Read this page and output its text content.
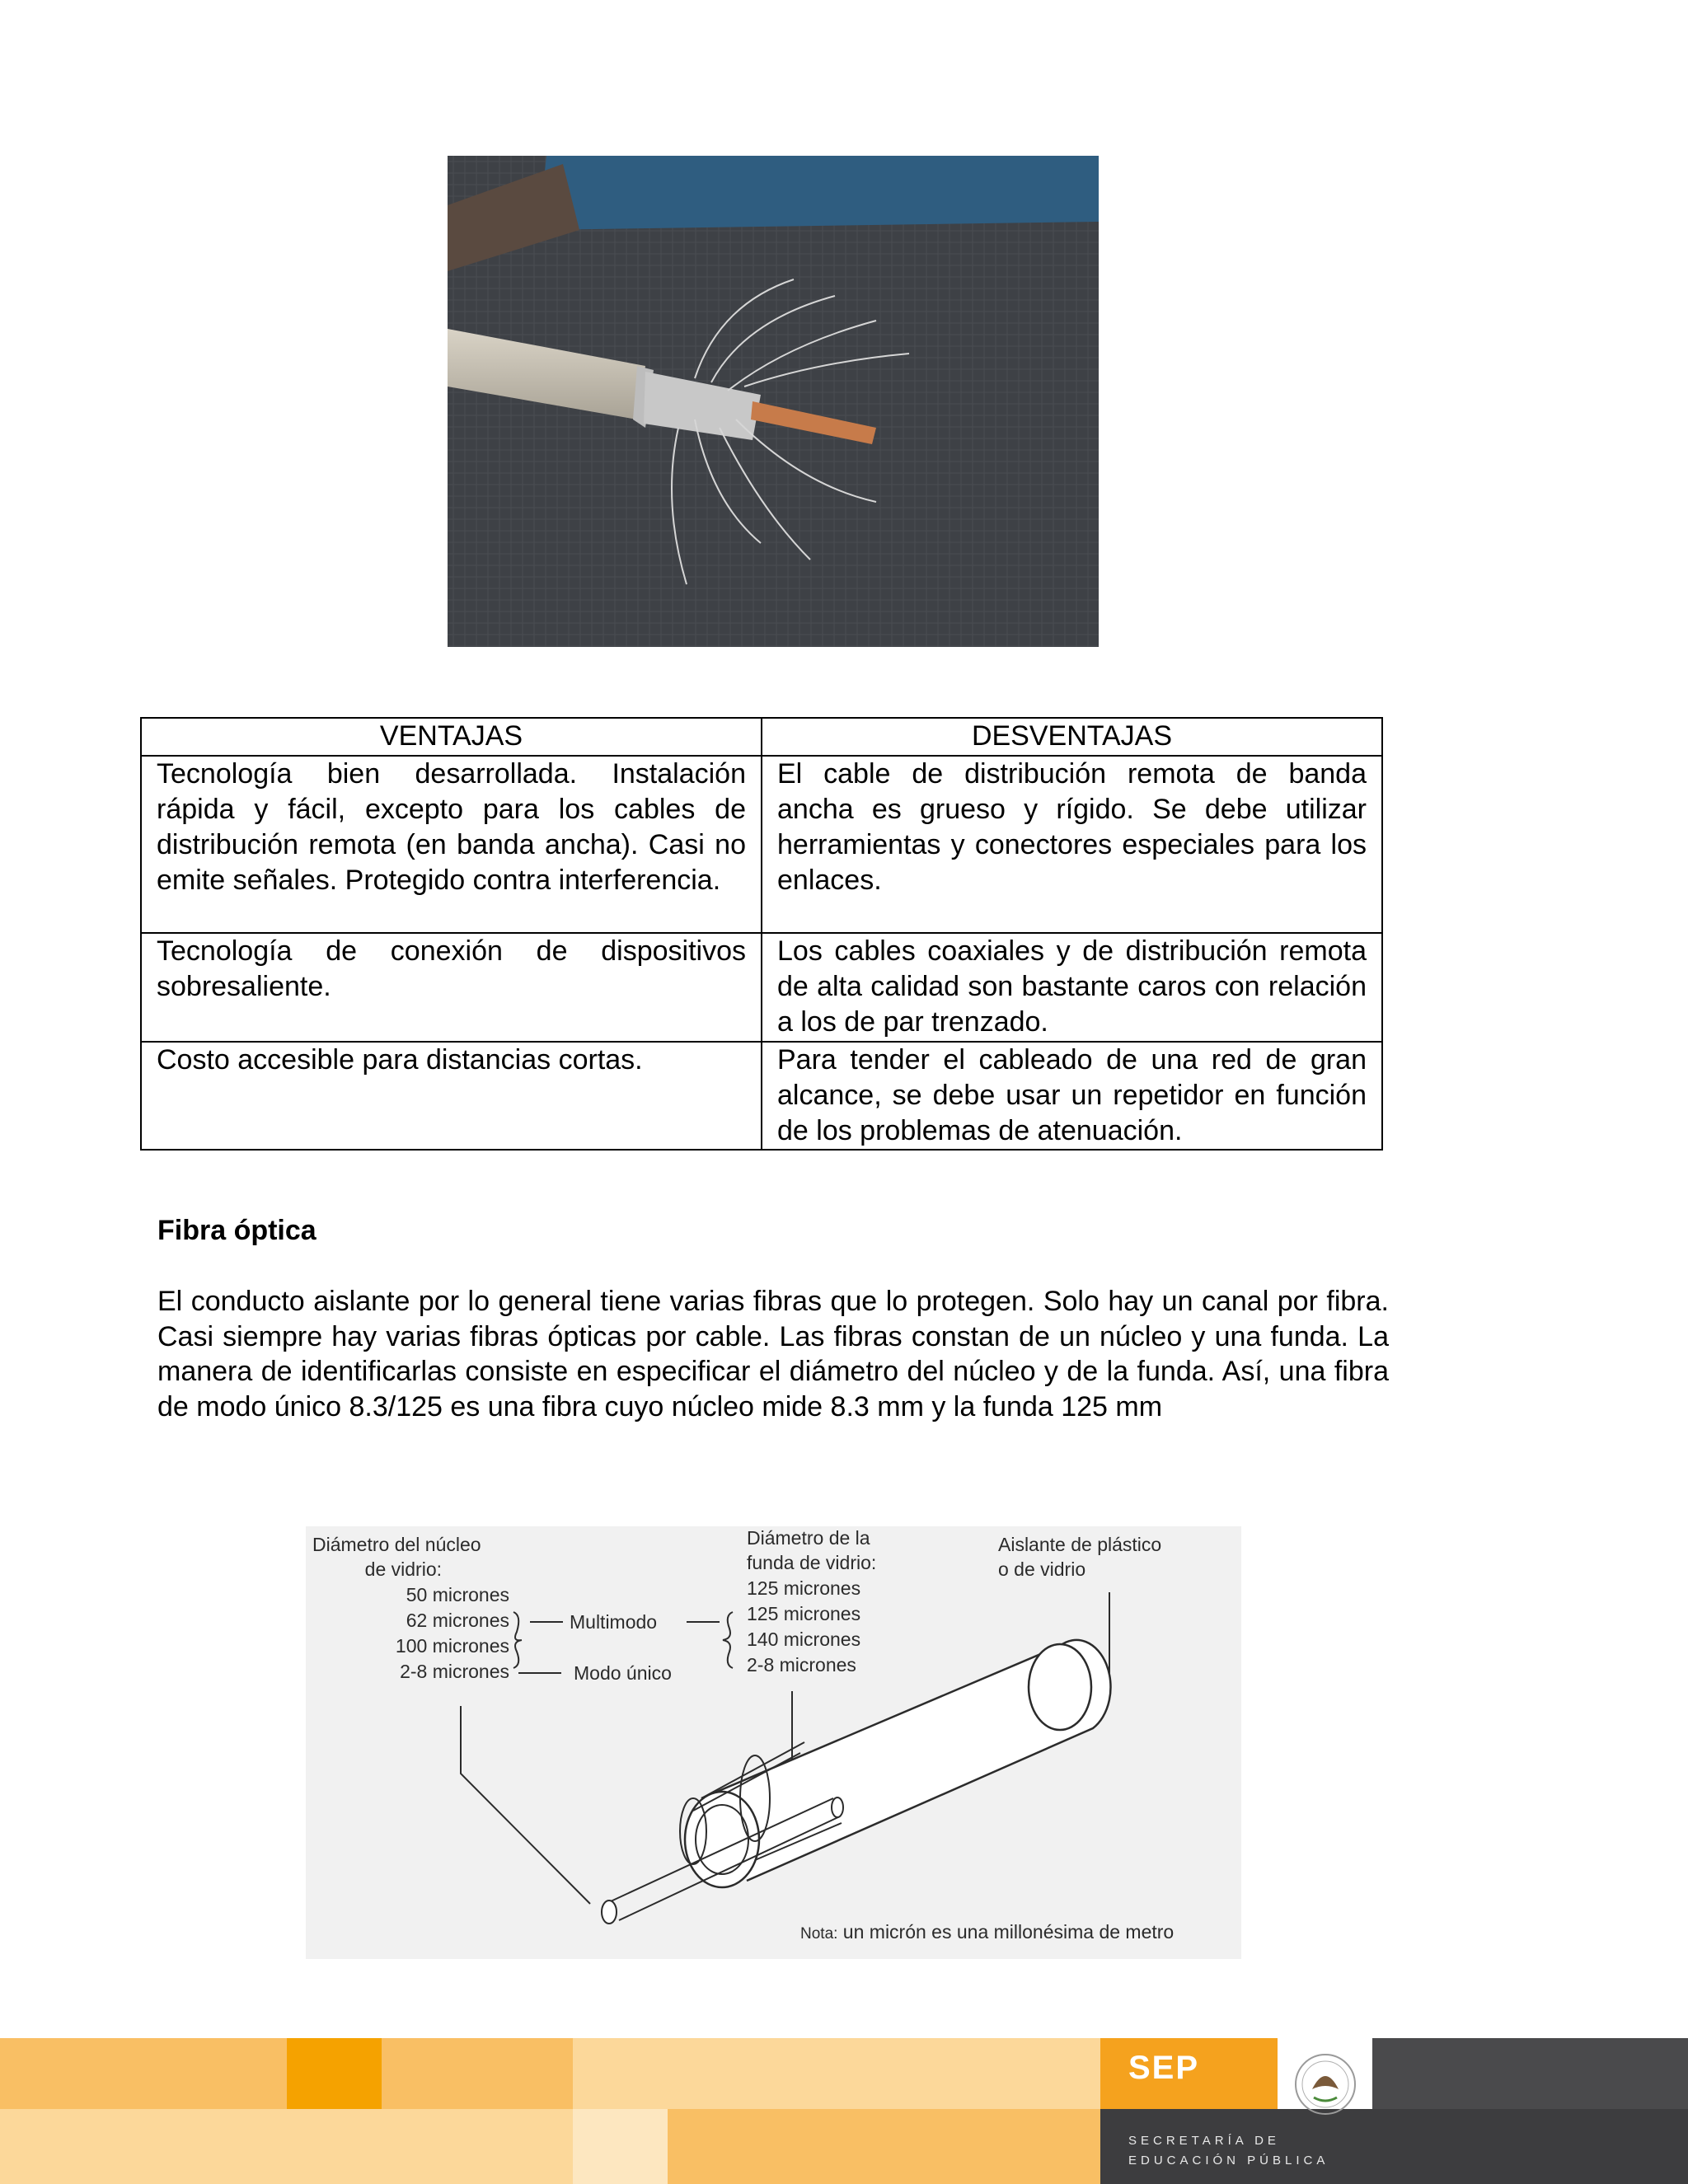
VENTAJAS	DESVENTAJAS
Tecnología bien desarrollada. Instalación rápida y fácil, excepto para los cables de distribución remota (en banda ancha). Casi no emite señales. Protegido contra interferencia.	El cable de distribución remota de banda ancha es grueso y rígido. Se debe utilizar herramientas y conectores especiales para los enlaces.
Tecnología de conexión de dispositivos sobresaliente.	Los cables coaxiales y de distribución remota de alta calidad son bastante caros con relación a los de par trenzado.
Costo accesible para distancias cortas.	Para tender el cableado de una red de gran alcance, se debe usar un repetidor en función de los problemas de atenuación.
Fibra óptica

El conducto aislante por lo general tiene varias fibras que lo protegen. Solo hay un canal por fibra. Casi siempre hay varias fibras ópticas por cable. Las fibras constan de un núcleo y una funda. La manera de identificarlas consiste en especificar el diámetro del núcleo y de la funda. Así, una fibra de modo único 8.3/125 es una fibra cuyo núcleo mide 8.3 mm y la funda 125 mm

Diámetro del núcleo
de vidrio:
50 micrones
62 micrones
100 micrones
2-8 micrones
Multimodo
Modo único
Diámetro de la
funda de vidrio:
125 micrones
125 micrones
140 micrones
2-8 micrones
Aislante de plástico
o de vidrio
Nota: un micrón es una millonésima de metro
SEP
SECRETARÍA DE
EDUCACIÓN PÚBLICA
